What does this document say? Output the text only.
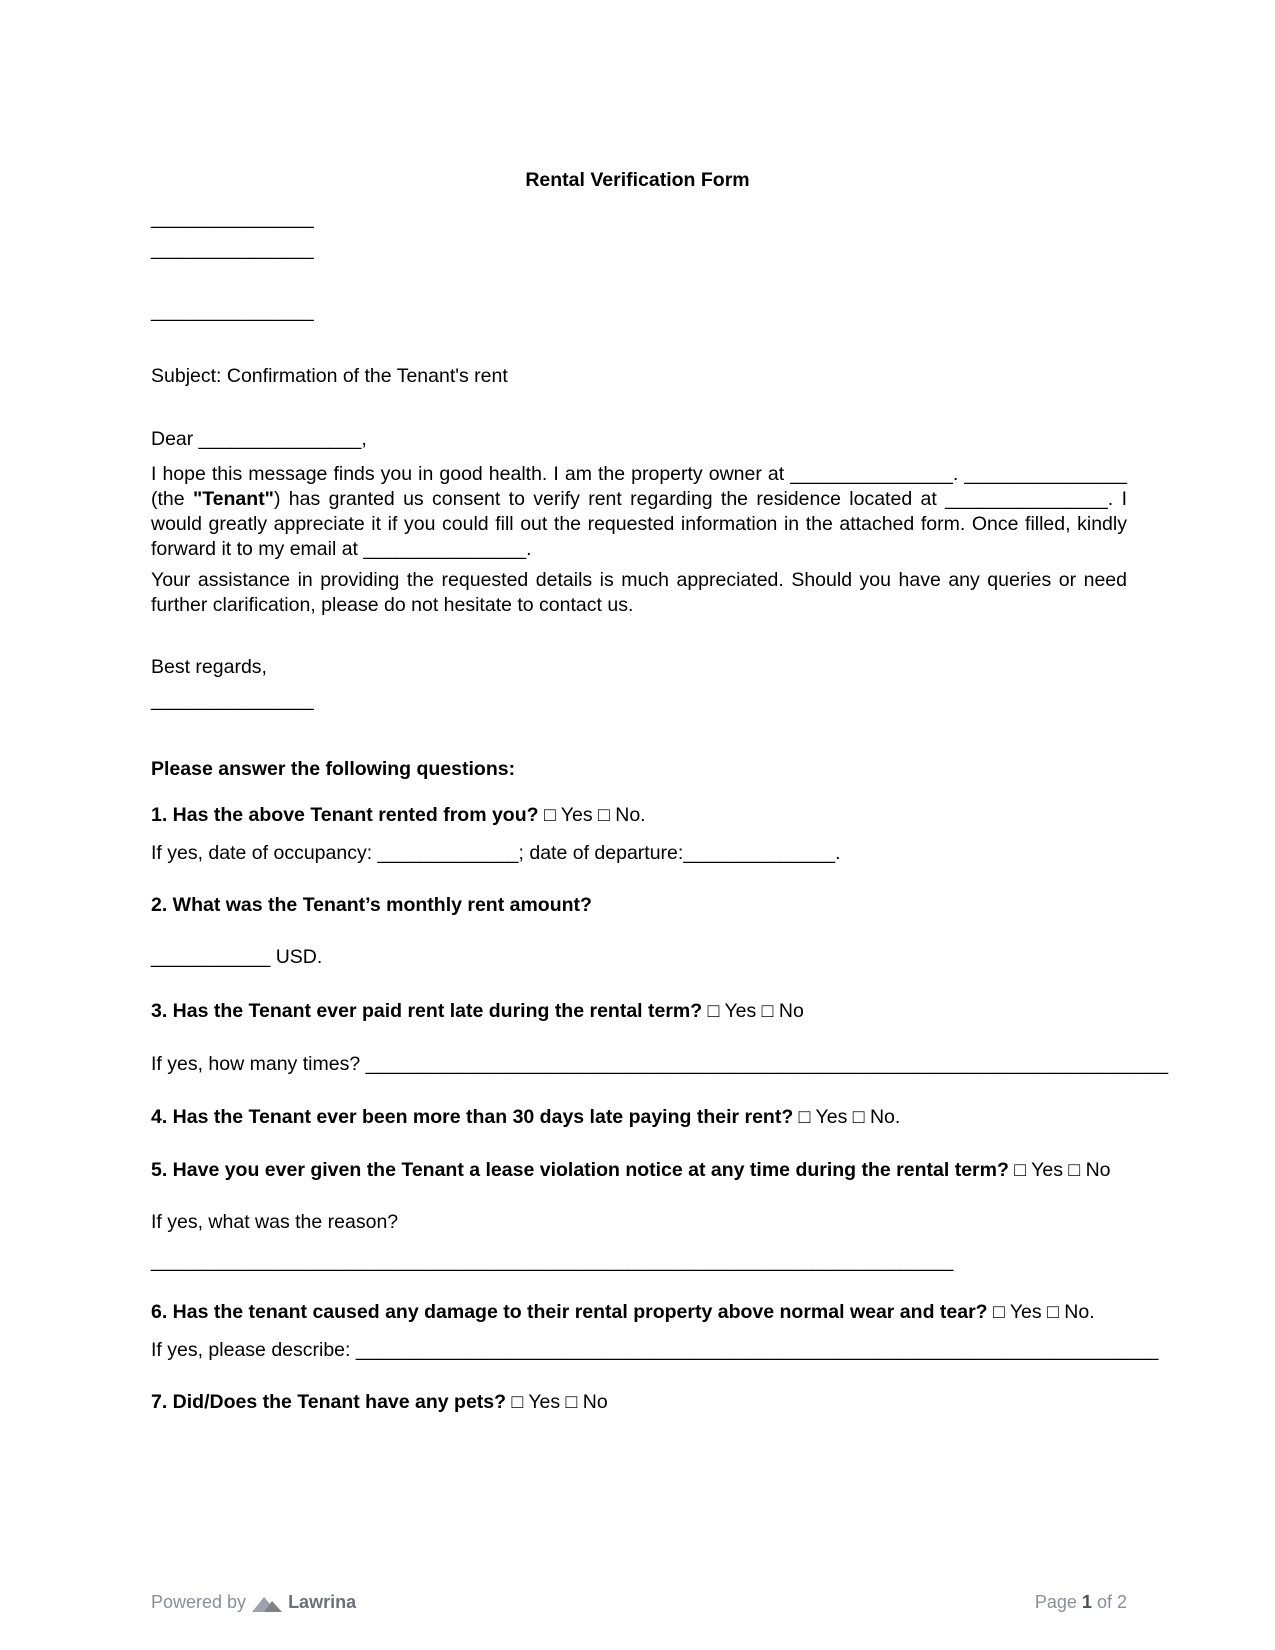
Rental Verification Form
_______________
_______________
_______________
Subject: Confirmation of the Tenant's rent
Dear _______________,
I hope this message finds you in good health. I am the property owner at _______________. _______________ (the "Tenant") has granted us consent to verify rent regarding the residence located at _______________. I would greatly appreciate it if you could fill out the requested information in the attached form. Once filled, kindly forward it to my email at _______________.
Your assistance in providing the requested details is much appreciated. Should you have any queries or need further clarification, please do not hesitate to contact us.
Best regards,
_______________
Please answer the following questions:
1. Has the above Tenant rented from you? □ Yes □ No.
If yes, date of occupancy: _____________; date of departure:______________.
2. What was the Tenant’s monthly rent amount?
___________ USD.
3. Has the Tenant ever paid rent late during the rental term? □ Yes □ No
If yes, how many times? __________________________________________________________________________
4. Has the Tenant ever been more than 30 days late paying their rent? □ Yes □ No.
5. Have you ever given the Tenant a lease violation notice at any time during the rental term? □ Yes □ No
If yes, what was the reason?
__________________________________________________________________________
6. Has the tenant caused any damage to their rental property above normal wear and tear? □ Yes □ No.
If yes, please describe: __________________________________________________________________________
7. Did/Does the Tenant have any pets? □ Yes □ No
Powered by Lawrina	Page 1 of 2
